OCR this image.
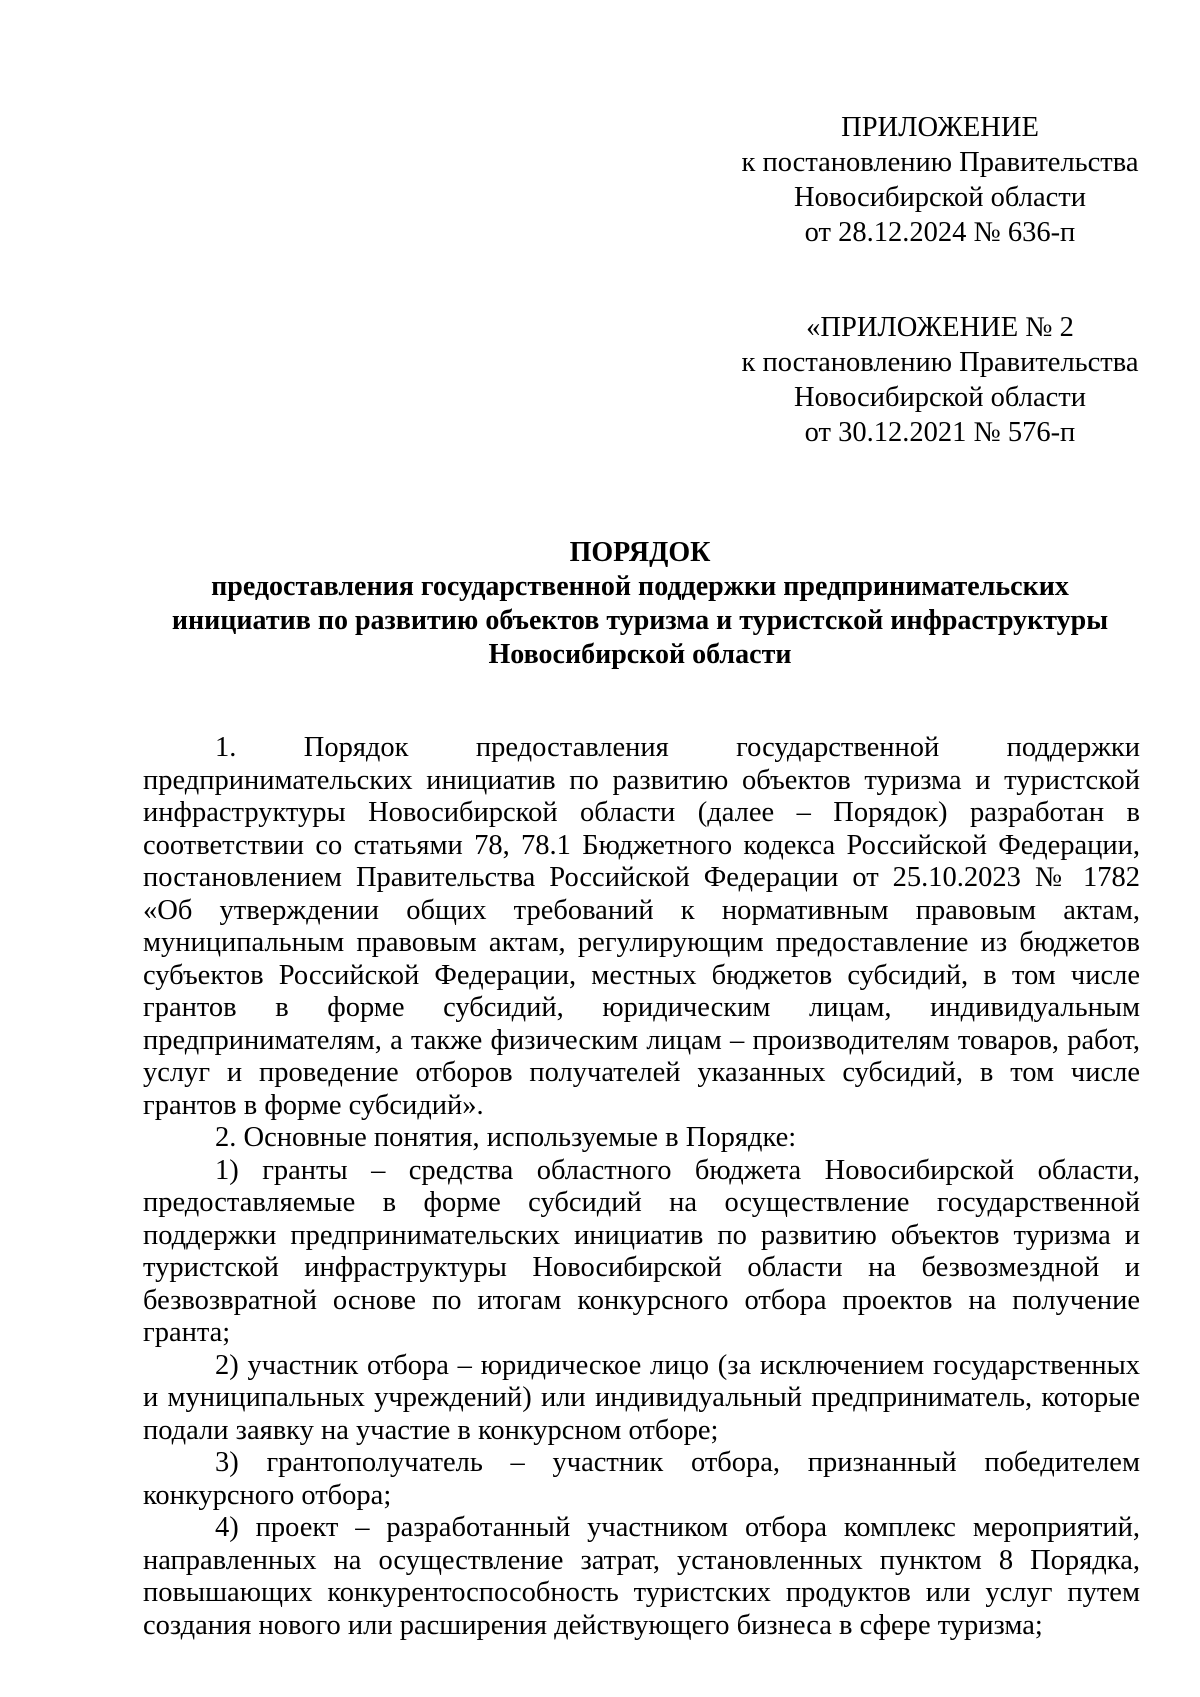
ПРИЛОЖЕНИЕ
к постановлению Правительства
Новосибирской области
от 28.12.2024 № 636-п
«ПРИЛОЖЕНИЕ № 2
к постановлению Правительства
Новосибирской области
от 30.12.2021 № 576-п
ПОРЯДОК
предоставления государственной поддержки предпринимательских
инициатив по развитию объектов туризма и туристской инфраструктуры
Новосибирской области

1. Порядок предоставления государственной поддержки предпринимательских инициатив по развитию объектов туризма и туристской инфраструктуры Новосибирской области (далее – Порядок) разработан в соответствии со статьями 78, 78.1 Бюджетного кодекса Российской Федерации, постановлением Правительства Российской Федерации от 25.10.2023 № 1782 «Об утверждении общих требований к нормативным правовым актам, муниципальным правовым актам, регулирующим предоставление из бюджетов субъектов Российской Федерации, местных бюджетов субсидий, в том числе грантов в форме субсидий, юридическим лицам, индивидуальным предпринимателям, а также физическим лицам – производителям товаров, работ, услуг и проведение отборов получателей указанных субсидий, в том числе грантов в форме субсидий».

2. Основные понятия, используемые в Порядке:

1) гранты – средства областного бюджета Новосибирской области, предоставляемые в форме субсидий на осуществление государственной поддержки предпринимательских инициатив по развитию объектов туризма и туристской инфраструктуры Новосибирской области на безвозмездной и безвозвратной основе по итогам конкурсного отбора проектов на получение гранта;

2) участник отбора – юридическое лицо (за исключением государственных и муниципальных учреждений) или индивидуальный предприниматель, которые подали заявку на участие в конкурсном отборе;

3) грантополучатель – участник отбора, признанный победителем конкурсного отбора;

4) проект – разработанный участником отбора комплекс мероприятий, направленных на осуществление затрат, установленных пунктом 8 Порядка, повышающих конкурентоспособность туристских продуктов или услуг путем создания нового или расширения действующего бизнеса в сфере туризма;
